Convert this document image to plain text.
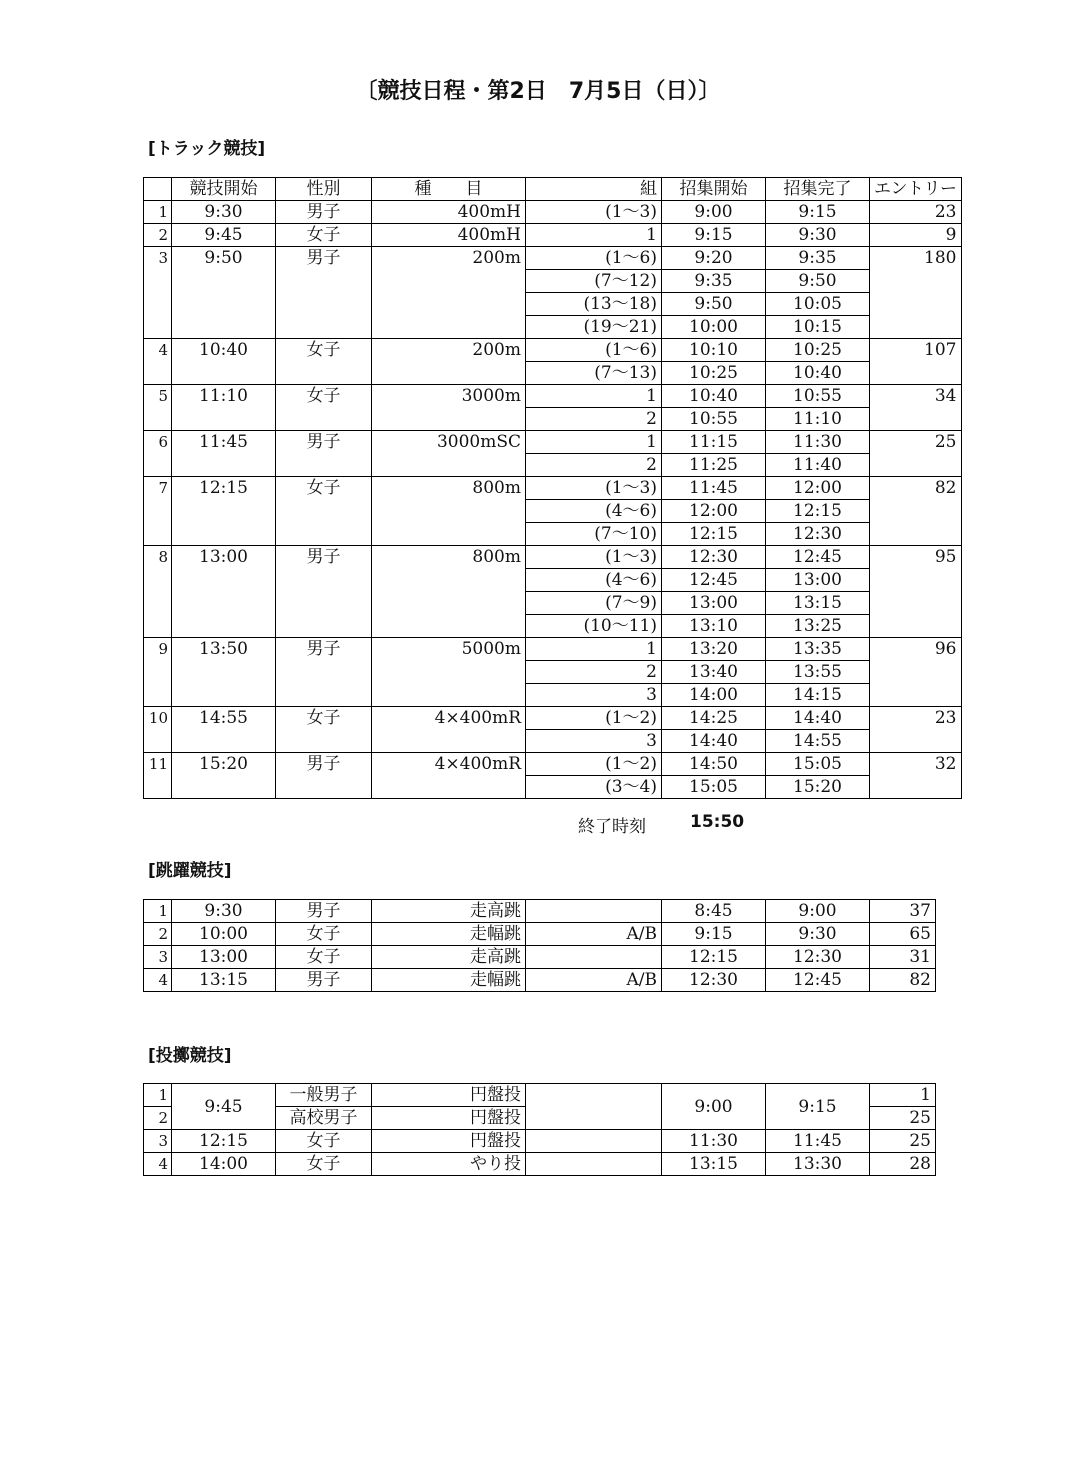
〔競技日程・第2日　7月5日（日）〕
[トラック競技]
	競技開始	性別	種　　目	組	招集開始	招集完了	エントリー
1	9:30	男子	400mH	(1～3)	9:00	9:15	23
2	9:45	女子	400mH	1	9:15	9:30	9
3	9:50	男子	200m	(1～6)	9:20	9:35	180
				(7～12)	9:35	9:50	
				(13～18)	9:50	10:05	
				(19～21)	10:00	10:15	
4	10:40	女子	200m	(1～6)	10:10	10:25	107
				(7～13)	10:25	10:40	
5	11:10	女子	3000m	1	10:40	10:55	34
				2	10:55	11:10	
6	11:45	男子	3000mSC	1	11:15	11:30	25
				2	11:25	11:40	
7	12:15	女子	800m	(1～3)	11:45	12:00	82
				(4～6)	12:00	12:15	
				(7～10)	12:15	12:30	
8	13:00	男子	800m	(1～3)	12:30	12:45	95
				(4～6)	12:45	13:00	
				(7～9)	13:00	13:15	
				(10～11)	13:10	13:25	
9	13:50	男子	5000m	1	13:20	13:35	96
				2	13:40	13:55	
				3	14:00	14:15	
10	14:55	女子	4×400mR	(1～2)	14:25	14:40	23
				3	14:40	14:55	
11	15:20	男子	4×400mR	(1～2)	14:50	15:05	32
				(3～4)	15:05	15:20	
終了時刻	15:50
[跳躍競技]
1	9:30	男子	走高跳		8:45	9:00	37
2	10:00	女子	走幅跳	A/B	9:15	9:30	65
3	13:00	女子	走高跳		12:15	12:30	31
4	13:15	男子	走幅跳	A/B	12:30	12:45	82
[投擲競技]
1	9:45	一般男子	円盤投		9:00	9:15	1
2		高校男子	円盤投				25
3	12:15	女子	円盤投		11:30	11:45	25
4	14:00	女子	やり投		13:15	13:30	28
